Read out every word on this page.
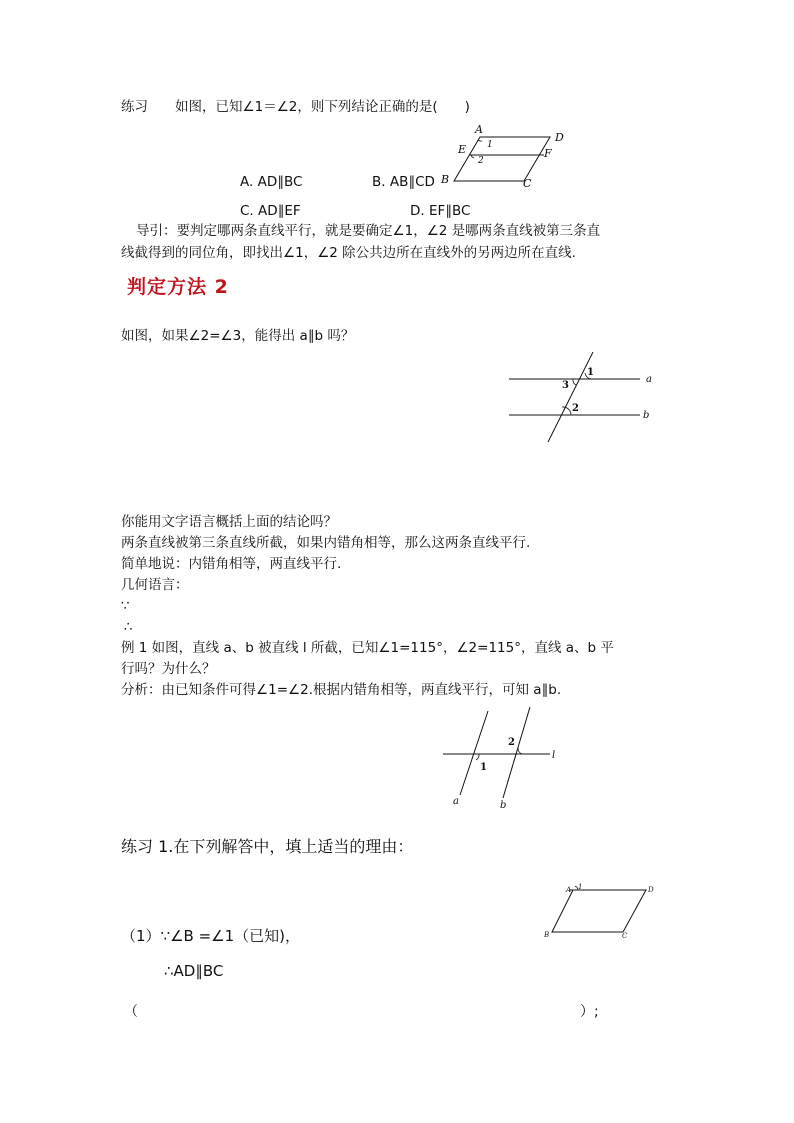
练习　　如图，已知∠1＝∠2，则下列结论正确的是(　　)
A
D
E	F
B	C
1
2
A. AD∥BC	B. AB∥CD
C. AD∥EF	D. EF∥BC
导引：要判定哪两条直线平行，就是要确定∠1，∠2 是哪两条直线被第三条直
线截得到的同位角，即找出∠1，∠2 除公共边所在直线外的另两边所在直线.
判定方法 2
如图，如果∠2=∠3，能得出 a∥b 吗？
1
3
2
a
b
你能用文字语言概括上面的结论吗？
两条直线被第三条直线所截，如果内错角相等，那么这两条直线平行.
简单地说：内错角相等，两直线平行.
几何语言：
∵
∴
例 1 如图，直线 a、b 被直线 l 所截，已知∠1=115°，∠2=115°，直线 a、b 平
行吗？为什么？
分析：由已知条件可得∠1=∠2.根据内错角相等，两直线平行，可知 a∥b.
1
2
l
a	b
练习 1.在下列解答中，填上适当的理由：
A 1	D
B	C
（1）∵∠B =∠1（已知)，
∴AD∥BC
（	）;
